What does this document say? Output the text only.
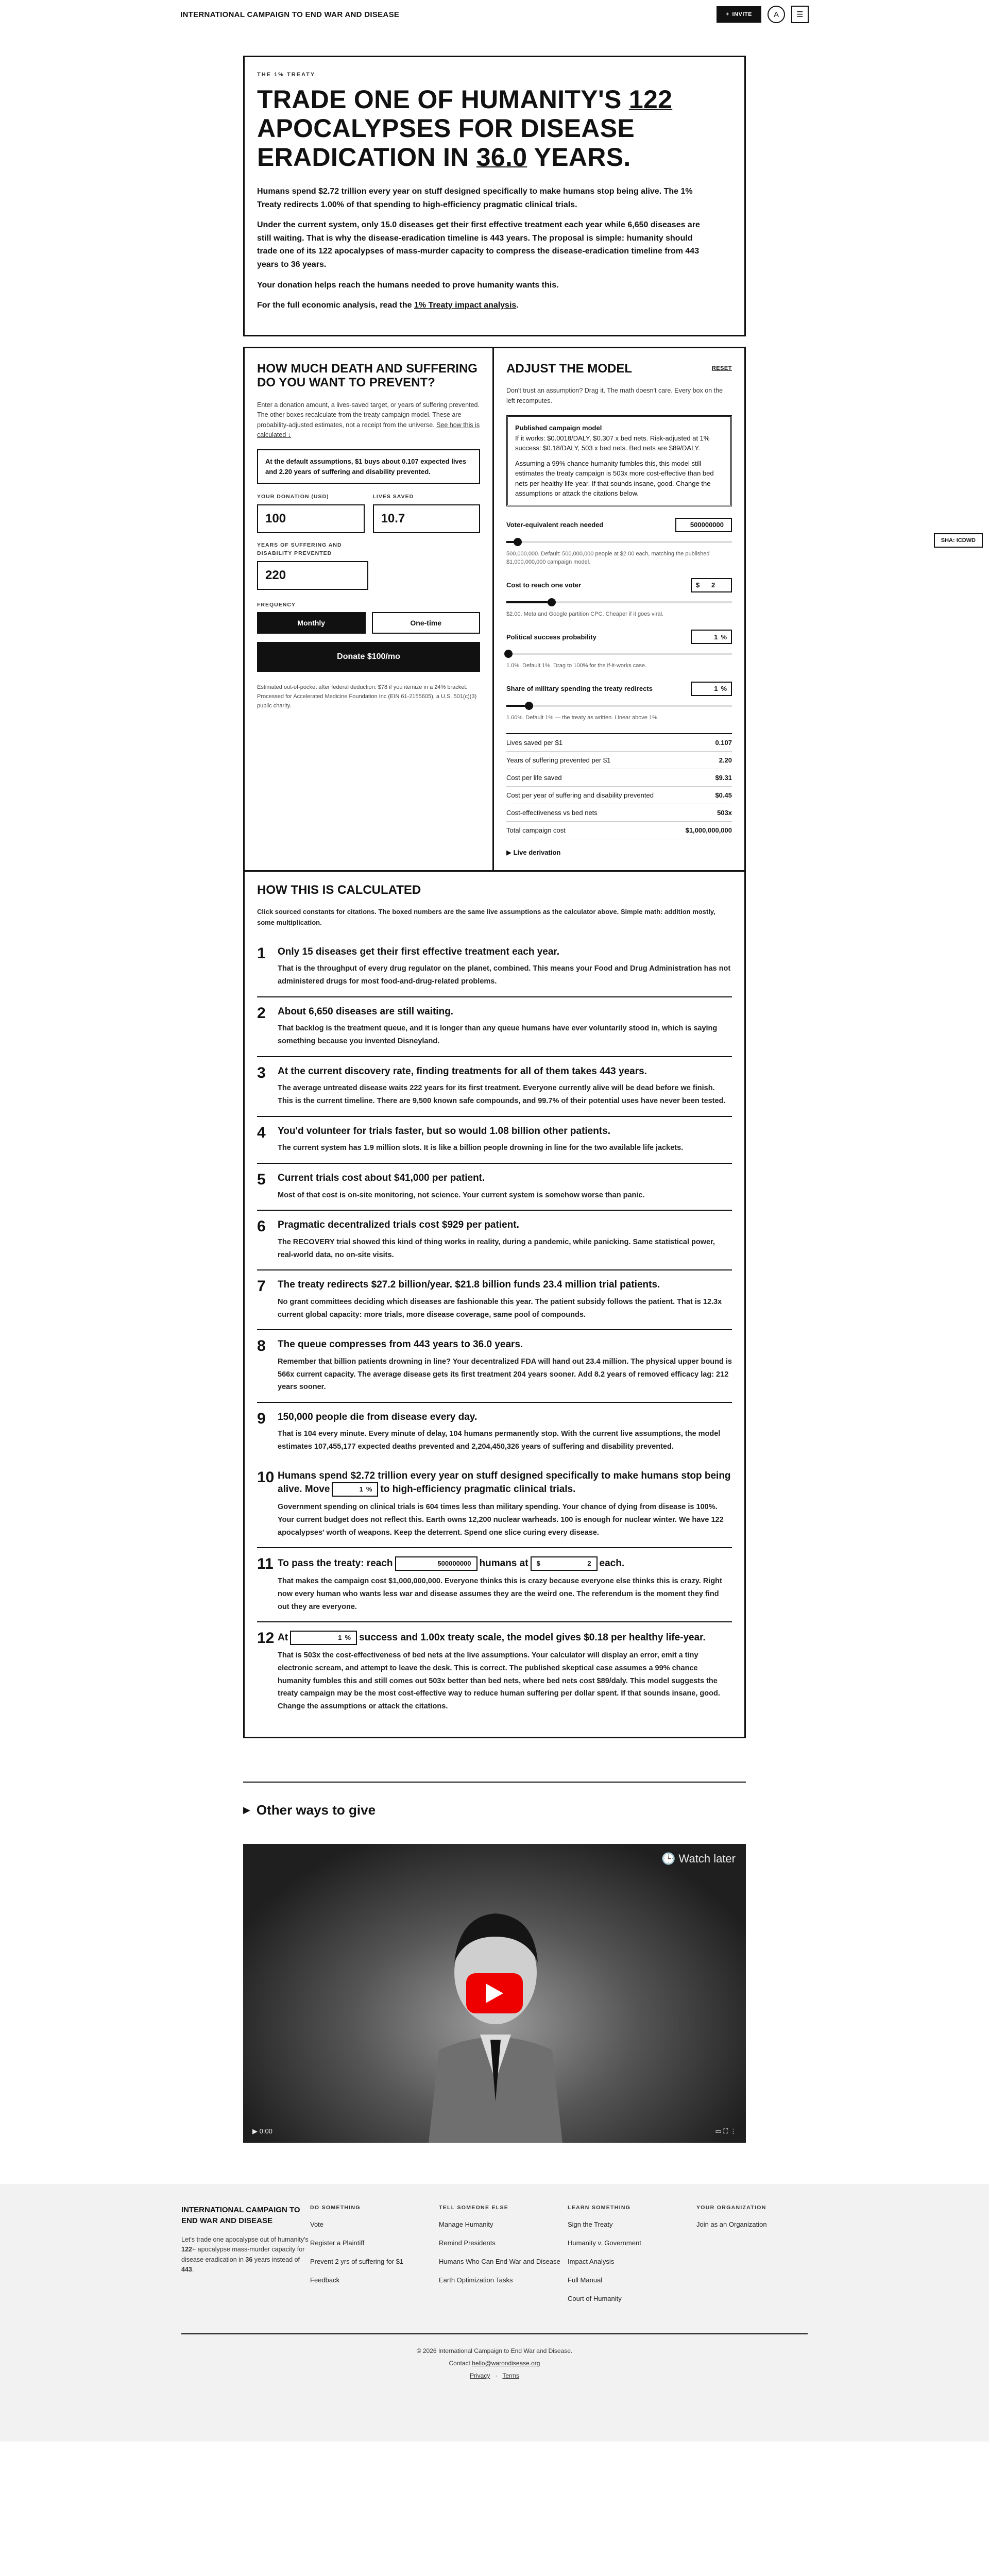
INTERNATIONAL CAMPAIGN TO END WAR AND DISEASE	+ INVITE	A ☰
SHA: ICDWD
THE 1% TREATY
TRADE ONE OF HUMANITY'S 122 APOCALYPSES FOR DISEASE ERADICATION IN 36.0 YEARS.

Humans spend $2.72 trillion every year on stuff designed specifically to make humans stop being alive. The 1% Treaty redirects 1.00% of that spending to high-efficiency pragmatic clinical trials.

Under the current system, only 15.0 diseases get their first effective treatment each year while 6,650 diseases are still waiting. That is why the disease-eradication timeline is 443 years. The proposal is simple: humanity should trade one of its 122 apocalypses of mass-murder capacity to compress the disease-eradication timeline from 443 years to 36 years.

Your donation helps reach the humans needed to prove humanity wants this.

For the full economic analysis, read the 1% Treaty impact analysis.

HOW MUCH DEATH AND SUFFERING DO YOU WANT TO PREVENT?
Enter a donation amount, a lives-saved target, or years of suffering prevented. The other boxes recalculate from the treaty campaign model. These are probability-adjusted estimates, not a receipt from the universe. See how this is calculated ↓
At the default assumptions, $1 buys about 0.107 expected lives and 2.20 years of suffering and disability prevented.
YOUR DONATION (USD)
100
LIVES SAVED
10.7
YEARS OF SUFFERING AND DISABILITY PREVENTED
220
FREQUENCY
Monthly	One-time
Donate $100/mo
Estimated out-of-pocket after federal deduction: $78 if you itemize in a 24% bracket. Processed for Accelerated Medicine Foundation Inc (EIN 61-2155605), a U.S. 501(c)(3) public charity.
ADJUST THE MODEL	RESET
Don't trust an assumption? Drag it. The math doesn't care. Every box on the left recomputes.
Published campaign model
If it works: $0.0018/DALY, $0.307 x bed nets. Risk-adjusted at 1% success: $0.18/DALY, 503 x bed nets. Bed nets are $89/DALY.
Assuming a 99% chance humanity fumbles this, this model still estimates the treaty campaign is 503x more cost-effective than bed nets per healthy life-year. If that sounds insane, good. Change the assumptions or attack the citations below.
Voter-equivalent reach needed	500000000
500,000,000. Default: 500,000,000 people at $2.00 each, matching the published $1,000,000,000 campaign model.
Cost to reach one voter	$ 2
$2.00. Meta and Google partition CPC. Cheaper if it goes viral.
Political success probability	1 %
1.0%. Default 1%. Drag to 100% for the if-it-works case.
Share of military spending the treaty redirects	1 %
1.00%. Default 1% — the treaty as written. Linear above 1%.
Lives saved per $1	0.107
Years of suffering prevented per $1	2.20
Cost per life saved	$9.31
Cost per year of suffering and disability prevented	$0.45
Cost-effectiveness vs bed nets	503x
Total campaign cost	$1,000,000,000
▶ Live derivation
HOW THIS IS CALCULATED
Click sourced constants for citations. The boxed numbers are the same live assumptions as the calculator above. Simple math: addition mostly, some multiplication.
1	Only 15 diseases get their first effective treatment each year.

That is the throughput of every drug regulator on the planet, combined. This means your Food and Drug Administration has not administered drugs for most food-and-drug-related problems.

2	About 6,650 diseases are still waiting.

That backlog is the treatment queue, and it is longer than any queue humans have ever voluntarily stood in, which is saying something because you invented Disneyland.

3	At the current discovery rate, finding treatments for all of them takes 443 years.

The average untreated disease waits 222 years for its first treatment. Everyone currently alive will be dead before we finish. This is the current timeline. There are 9,500 known safe compounds, and 99.7% of their potential uses have never been tested.

4	You'd volunteer for trials faster, but so would 1.08 billion other patients.

The current system has 1.9 million slots. It is like a billion people drowning in line for the two available life jackets.

5	Current trials cost about $41,000 per patient.

Most of that cost is on-site monitoring, not science. Your current system is somehow worse than panic.

6	Pragmatic decentralized trials cost $929 per patient.

The RECOVERY trial showed this kind of thing works in reality, during a pandemic, while panicking. Same statistical power, real-world data, no on-site visits.

7	The treaty redirects $27.2 billion/year. $21.8 billion funds 23.4 million trial patients.

No grant committees deciding which diseases are fashionable this year. The patient subsidy follows the patient. That is 12.3x current global capacity: more trials, more disease coverage, same pool of compounds.

8	The queue compresses from 443 years to 36.0 years.

Remember that billion patients drowning in line? Your decentralized FDA will hand out 23.4 million. The physical upper bound is 566x current capacity. The average disease gets its first treatment 204 years sooner. Add 8.2 years of removed efficacy lag: 212 years sooner.

9	150,000 people die from disease every day.

That is 104 every minute. Every minute of delay, 104 humans permanently stop. With the current live assumptions, the model estimates 107,455,177 expected deaths prevented and 2,204,450,326 years of suffering and disability prevented.

10 Humans spend $2.72 trillion every year on stuff designed specifically to make humans stop being alive. Move	1 % to high-efficiency pragmatic clinical trials.

Government spending on clinical trials is 604 times less than military spending. Your chance of dying from disease is 100%. Your current budget does not reflect this. Earth owns 12,200 nuclear warheads. 100 is enough for nuclear winter. We have 122 apocalypses' worth of weapons. Keep the deterrent. Spend one slice curing every disease.

11 To pass the treaty: reach	500000000 humans at $	2 each.

That makes the campaign cost $1,000,000,000. Everyone thinks this is crazy because everyone else thinks this is crazy. Right now every human who wants less war and disease assumes they are the weird one. The referendum is the moment they find out they are everyone.

12 At	1 % success and 1.00x treaty scale, the model gives $0.18 per healthy life-year.

That is 503x the cost-effectiveness of bed nets at the live assumptions. Your calculator will display an error, emit a tiny electronic scream, and attempt to leave the desk. This is correct. The published skeptical case assumes a 99% chance humanity fumbles this and still comes out 503x better than bed nets, where bed nets cost $89/daly. This model suggests the treaty campaign may be the most cost-effective way to reduce human suffering per dollar spent. If that sounds insane, good. Change the assumptions or attack the citations.

▶ Other ways to give
🕒 Watch later
▶ 0:00	▭ ⛶ ⋮
INTERNATIONAL CAMPAIGN TO END WAR AND DISEASE
Let's trade one apocalypse out of humanity's 122+ apocalypse mass-murder capacity for disease eradication in 36 years instead of 443.
DO SOMETHING
Vote
Register a Plaintiff
Prevent 2 yrs of suffering for $1
Feedback
TELL SOMEONE ELSE
Manage Humanity
Remind Presidents
Humans Who Can End War and Disease
Earth Optimization Tasks
LEARN SOMETHING
Sign the Treaty
Humanity v. Government
Impact Analysis
Full Manual
Court of Humanity
YOUR ORGANIZATION
Join as an Organization
© 2026 International Campaign to End War and Disease.
Contact hello@warondisease.org
Privacy   ·   Terms
